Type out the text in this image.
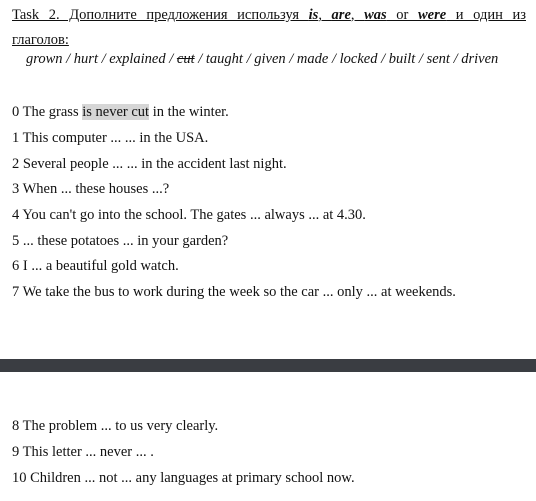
Task 2. Дополните предложения используя is, are, was or were и один из
глаголов:
grown / hurt / explained / cut / taught / given / made / locked / built / sent / driven
0 The grass is never cut in the winter.
1 This computer ... ... in the USA.
2 Several people ... ... in the accident last night.
3 When ... these houses ...?
4 You can't go into the school. The gates ... always ... at 4.30.
5 ... these potatoes ... in your garden?
6 I ... a beautiful gold watch.
7 We take the bus to work during the week so the car ... only ... at weekends.
8 The problem ... to us very clearly.
9 This letter ... never ... .
10 Children ... not ... any languages at primary school now.
